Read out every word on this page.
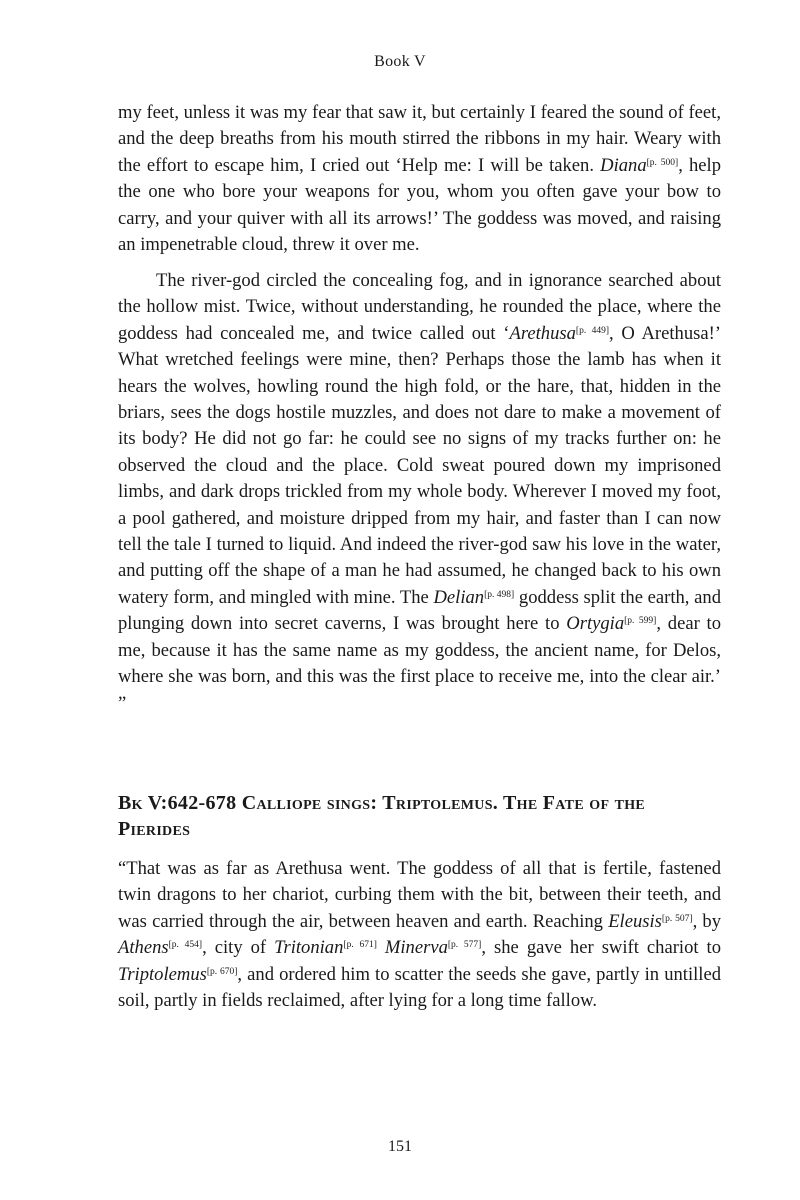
Book V

my feet, unless it was my fear that saw it, but certainly I feared the sound of feet, and the deep breaths from his mouth stirred the ribbons in my hair. Weary with the effort to escape him, I cried out ‘Help me: I will be taken. Diana[p. 500], help the one who bore your weapons for you, whom you often gave your bow to carry, and your quiver with all its arrows!’ The goddess was moved, and raising an impenetrable cloud, threw it over me.

The river-god circled the concealing fog, and in ignorance searched about the hollow mist. Twice, without understanding, he rounded the place, where the goddess had concealed me, and twice called out ‘Arethusa[p. 449], O Arethusa!’ What wretched feelings were mine, then? Perhaps those the lamb has when it hears the wolves, howling round the high fold, or the hare, that, hidden in the briars, sees the dogs hostile muzzles, and does not dare to make a movement of its body? He did not go far: he could see no signs of my tracks further on: he observed the cloud and the place. Cold sweat poured down my imprisoned limbs, and dark drops trickled from my whole body. Wherever I moved my foot, a pool gathered, and moisture dripped from my hair, and faster than I can now tell the tale I turned to liquid. And indeed the river-god saw his love in the water, and putting off the shape of a man he had assumed, he changed back to his own watery form, and mingled with mine. The Delian[p. 498] goddess split the earth, and plunging down into secret caverns, I was brought here to Ortygia[p. 599], dear to me, because it has the same name as my goddess, the ancient name, for Delos, where she was born, and this was the first place to receive me, into the clear air.’ ”

Bk V:642-678 Calliope sings: Triptolemus. The Fate of the Pierides

“That was as far as Arethusa went. The goddess of all that is fertile, fastened twin dragons to her chariot, curbing them with the bit, between their teeth, and was carried through the air, between heaven and earth. Reaching Eleusis[p. 507], by Athens[p. 454], city of Tritonian[p. 671] Minerva[p. 577], she gave her swift chariot to Triptolemus[p. 670], and ordered him to scatter the seeds she gave, partly in untilled soil, partly in fields reclaimed, after lying for a long time fallow.

151
